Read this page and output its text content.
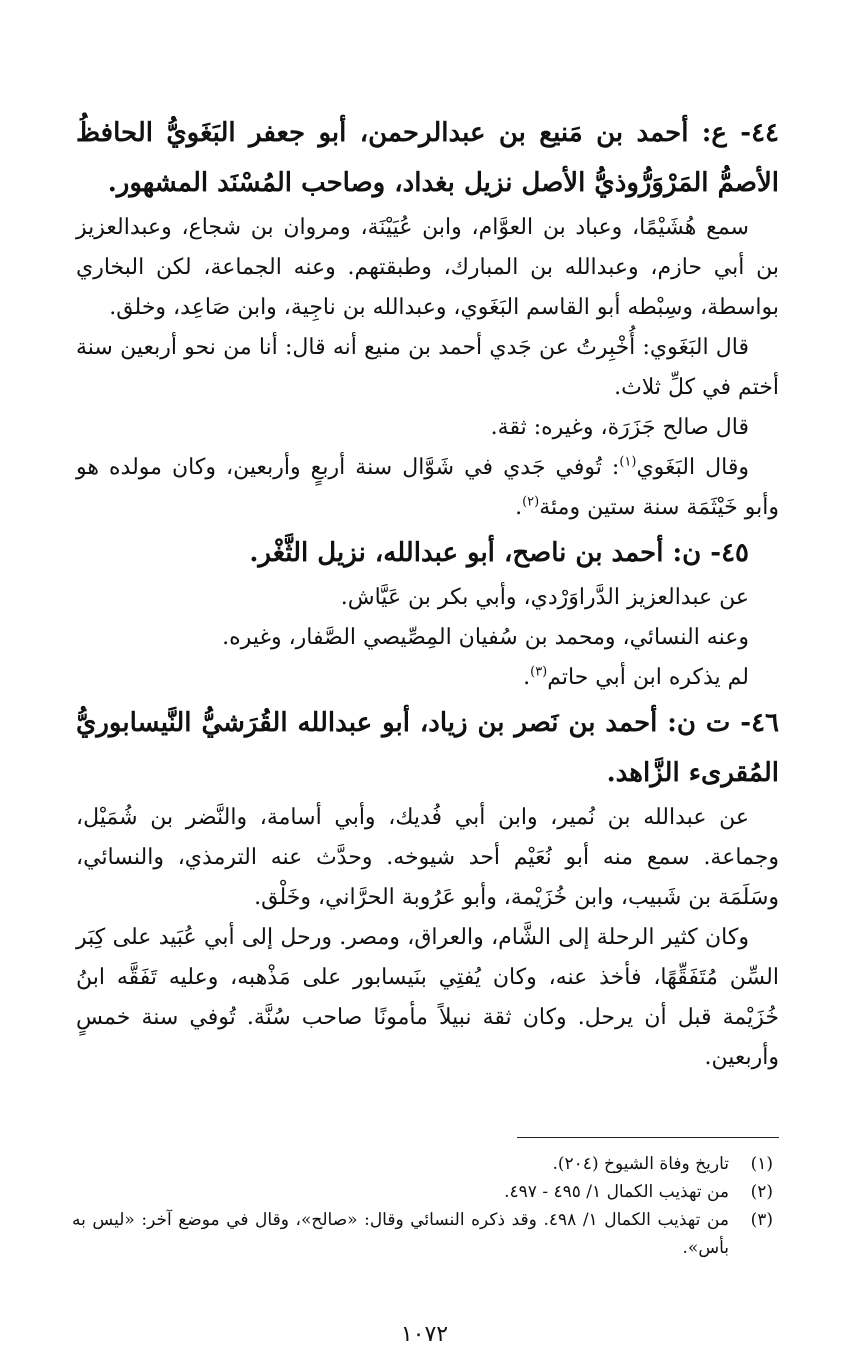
٤٤- ع: أحمد بن مَنيع بن عبدالرحمن، أبو جعفر البَغَويُّ الحافظُ الأصمُّ المَرْوَرُّوذيُّ الأصل نزيل بغداد، وصاحب المُسْنَد المشهور.

سمع هُشَيْمًا، وعباد بن العوَّام، وابن عُيَيْنَة، ومروان بن شجاع، وعبدالعزيز بن أبي حازم، وعبدالله بن المبارك، وطبقتهم. وعنه الجماعة، لكن البخاري بواسطة، وسِبْطه أبو القاسم البَغَوي، وعبدالله بن ناجِية، وابن صَاعِد، وخلق.

قال البَغَوي: أُخْبِرتُ عن جَدي أحمد بن منيع أنه قال: أنا من نحو أربعين سنة أختم في كلِّ ثلاث.

قال صالح جَزَرَة، وغيره: ثقة.

وقال البَغَوي$^{(١)}$: تُوفي جَدي في شَوَّال سنة أربعٍ وأربعين، وكان مولده هو وأبو خَيْثَمَة سنة ستين ومئة$^{(٢)}$.

٤٥- ن: أحمد بن ناصح، أبو عبدالله، نزيل الثَّغْر.

عن عبدالعزيز الدَّراوَرْدي، وأبي بكر بن عَيَّاش.

وعنه النسائي، ومحمد بن سُفيان المِصِّيصي الصَّفار، وغيره.

لم يذكره ابن أبي حاتم$^{(٣)}$.

٤٦- ت ن: أحمد بن نَصر بن زياد، أبو عبدالله القُرَشيُّ النَّيسابوريُّ المُقرىء الزَّاهد.

عن عبدالله بن نُمير، وابن أبي فُديك، وأبي أسامة، والنَّضر بن شُمَيْل، وجماعة. سمع منه أبو نُعَيْم أحد شيوخه. وحدَّث عنه الترمذي، والنسائي، وسَلَمَة بن شَبيب، وابن خُزَيْمة، وأبو عَرُوبة الحرَّاني، وخَلْق.

وكان كثير الرحلة إلى الشَّام، والعراق، ومصر. ورحل إلى أبي عُبَيد على كِبَر السِّن مُتَفَقِّهًا، فأخذ عنه، وكان يُفتِي بنَيسابور على مَذْهبه، وعليه تَفَقَّه ابنُ خُزَيْمة قبل أن يرحل. وكان ثقة نبيلاً مأمونًا صاحب سُنَّة. تُوفي سنة خمسٍ وأربعين.

(١)
تاريخ وفاة الشيوخ (٢٠٤).
(٢)
من تهذيب الكمال ١/ ٤٩٥ - ٤٩٧.
(٣)
من تهذيب الكمال ١/ ٤٩٨. وقد ذكره النسائي وقال: «صالح»، وقال في موضع آخر: «ليس به بأس».
١٠٧٢
